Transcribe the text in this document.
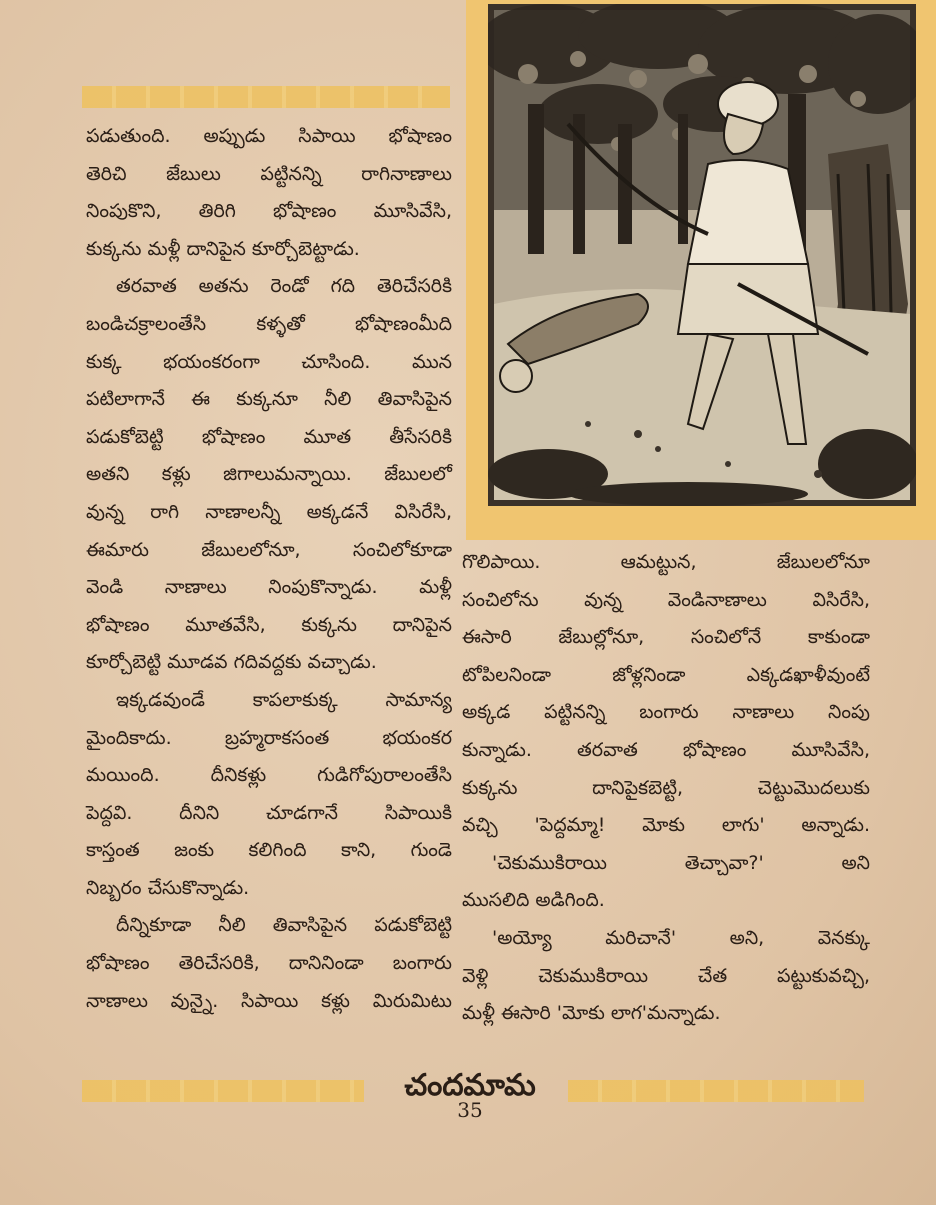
పడుతుంది. అప్పుడు సిపాయి భోషాణం
తెరిచి జేబులు పట్టినన్ని రాగినాణాలు
నింపుకొని, తిరిగి భోషాణం మూసివేసి,
కుక్కను మళ్లీ దానిపైన కూర్చోబెట్టాడు.
తరవాత అతను రెండో గది తెరిచేసరికి
బండిచక్రాలంతేసి కళ్ళతో భోషాణంమీది
కుక్క భయంకరంగా చూసింది. మున
పటిలాగానే ఈ కుక్కనూ నీలి తివాసిపైన
పడుకోబెట్టి భోషాణం మూత తీసేసరికి
అతని కళ్లు జిగాలుమన్నాయి. జేబులలో
వున్న రాగి నాణాలన్నీ అక్కడనే విసిరేసి,
ఈమారు జేబులలోనూ, సంచిలోకూడా
వెండి నాణాలు నింపుకొన్నాడు. మళ్లీ
భోషాణం మూతవేసి, కుక్కను దానిపైన
కూర్చోబెట్టి మూడవ గదివద్దకు వచ్చాడు.
ఇక్కడవుండే కాపలాకుక్క సామాన్య
మైందికాదు. బ్రహ్మరాకసంత భయంకర
మయింది. దీనికళ్లు గుడిగోపురాలంతేసి
పెద్దవి. దీనిని చూడగానే సిపాయికి
కాస్తంత జంకు కలిగింది కాని, గుండె
నిబ్బరం చేసుకొన్నాడు.
దీన్నికూడా నీలి తివాసిపైన పడుకోబెట్టి
భోషాణం తెరిచేసరికి, దానినిండా బంగారు
నాణాలు వున్నై. సిపాయి కళ్లు మిరుమిటు
గొలిపాయి. ఆమట్టున, జేబులలోనూ
సంచిలోను వున్న వెండినాణాలు విసిరేసి,
ఈసారి జేబుల్లోనూ, సంచిలోనే కాకుండా
టోపిలనిండా జోళ్లనిండా ఎక్కడఖాళీవుంటే
అక్కడ పట్టినన్ని బంగారు నాణాలు నింపు
కున్నాడు. తరవాత భోషాణం మూసివేసి,
కుక్కను దానిపైకబెట్టి, చెట్టుమొదలుకు
వచ్చి 'పెద్దమ్మా! మోకు లాగు' అన్నాడు.
'చెకుముకిరాయి తెచ్చావా?' అని
ముసలిది అడిగింది.
'అయ్యో మరిచానే' అని, వెనక్కు
వెళ్లి చెకుముకిరాయి చేత పట్టుకువచ్చి,
మళ్లీ ఈసారి 'మోకు లాగ'మన్నాడు.
చందమామ
35
